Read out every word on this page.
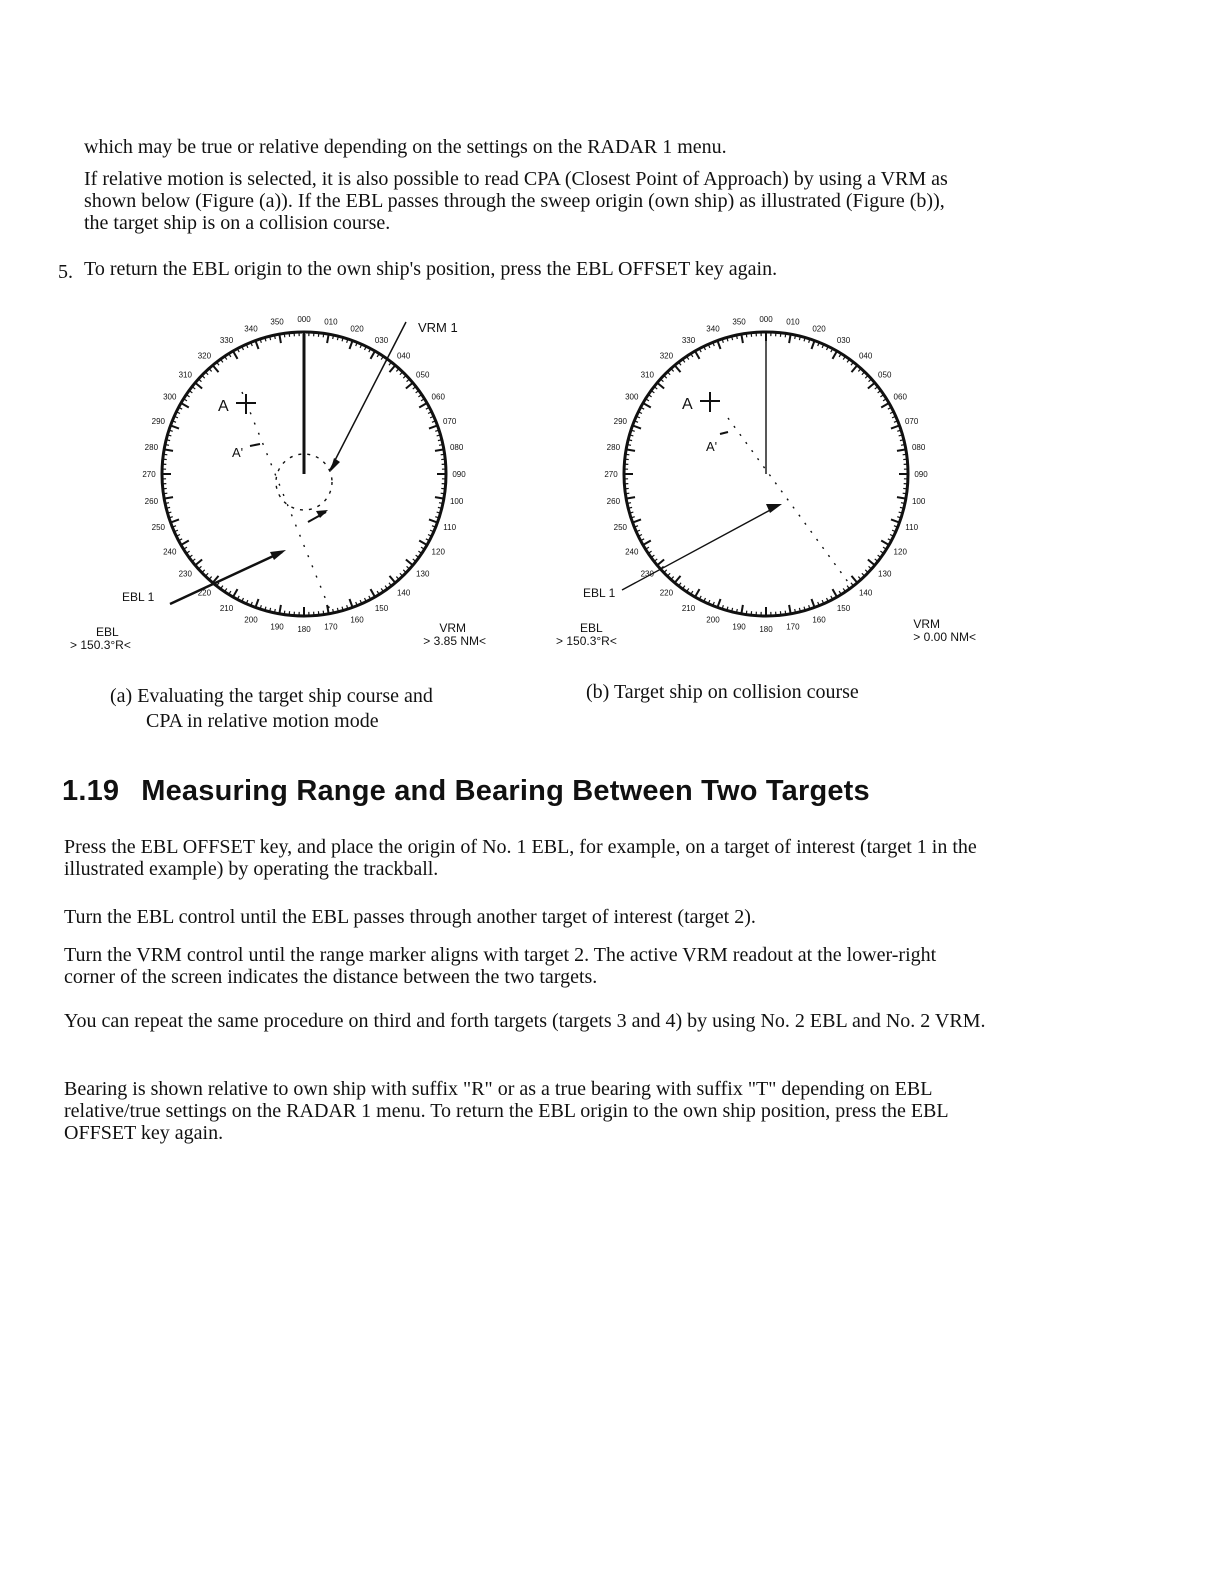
which may be true or relative depending on the settings on the RADAR 1 menu.

If relative motion is selected, it is also possible to read CPA (Closest Point of Approach) by using a VRM as shown below (Figure (a)). If the EBL passes through the sweep origin (own ship) as illustrated (Figure (b)), the target ship is on a collision course.

5. To return the EBL origin to the own ship's position, press the EBL OFFSET key again.

000 010
020
030
040
050
060
070
080
090
100
110
120
130
140
150
160
170
180
190
200
210
220
230
240
250
260
270
280
290
300
310
320
330
340
350
A
A'
VRM 1
EBL 1
EBL
> 150.3°R<
VRM
> 3.85 NM<
(a) Evaluating the target ship course and
CPA in relative motion mode
000 010
020
030
040
050
060
070
080
090
100
110
120
130
140
150
160
170
180
190
200
210
220
230
240
250
260
270
280
290
300
310
320
330
340
350
A
A'
EBL 1
EBL
> 150.3°R<
VRM
> 0.00 NM<
(b) Target ship on collision course
1.19 Measuring Range and Bearing Between Two Targets

Press the EBL OFFSET key, and place the origin of No. 1 EBL, for example, on a target of interest (target 1 in the illustrated example) by operating the trackball.

Turn the EBL control until the EBL passes through another target of interest (target 2).

Turn the VRM control until the range marker aligns with target 2. The active VRM readout at the lower-right corner of the screen indicates the distance between the two targets.

You can repeat the same procedure on third and forth targets (targets 3 and 4) by using No. 2 EBL and No. 2 VRM.

Bearing is shown relative to own ship with suffix "R" or as a true bearing with suffix "T" depending on EBL relative/true settings on the RADAR 1 menu. To return the EBL origin to the own ship position, press the EBL OFFSET key again.
